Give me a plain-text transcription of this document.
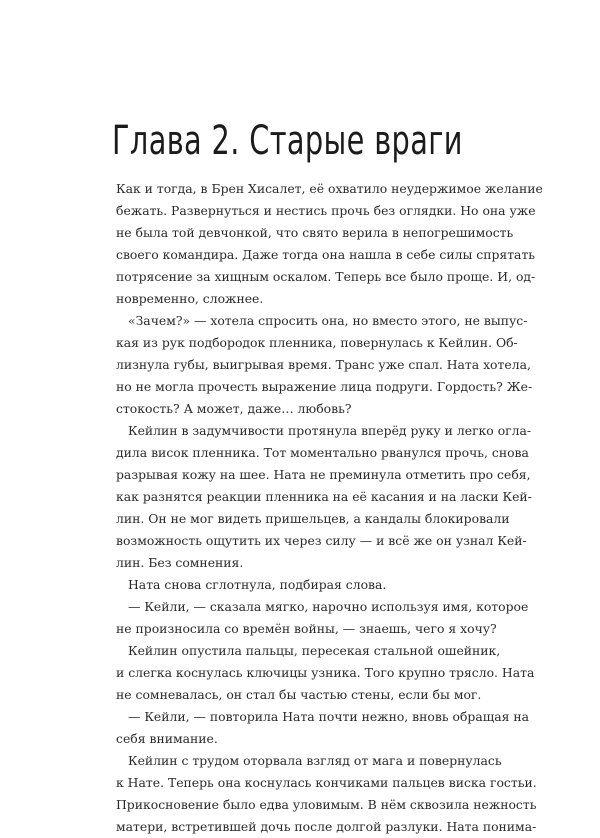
Глава 2. Старые враги
Как и тогда, в Брен Хисалет, её охватило неудержимое желание
бежать. Развернуться и нестись прочь без оглядки. Но она уже
не была той девчонкой, что свято верила в непогрешимость
своего командира. Даже тогда она нашла в себе силы спрятать
потрясение за хищным оскалом. Теперь все было проще. И, од-
новременно, сложнее.
«Зачем?» — хотела спросить она, но вместо этого, не выпус-
кая из рук подбородок пленника, повернулась к Кейлин. Об-
лизнула губы, выигрывая время. Транс уже спал. Ната хотела,
но не могла прочесть выражение лица подруги. Гордость? Же-
стокость? А может, даже… любовь?
Кейлин в задумчивости протянула вперёд руку и легко огла-
дила висок пленника. Тот моментально рванулся прочь, снова
разрывая кожу на шее. Ната не преминула отметить про себя,
как разнятся реакции пленника на её касания и на ласки Кей-
лин. Он не мог видеть пришельцев, а кандалы блокировали
возможность ощутить их через силу — и всё же он узнал Кей-
лин. Без сомнения.
Ната снова сглотнула, подбирая слова.
— Кейли, — сказала мягко, нарочно используя имя, которое
не произносила со времён войны, — знаешь, чего я хочу?
Кейлин опустила пальцы, пересекая стальной ошейник,
и слегка коснулась ключицы узника. Того крупно трясло. Ната
не сомневалась, он стал бы частью стены, если бы мог.
— Кейли, — повторила Ната почти нежно, вновь обращая на
себя внимание.
Кейлин с трудом оторвала взгляд от мага и повернулась
к Нате. Теперь она коснулась кончиками пальцев виска гостьи.
Прикосновение было едва уловимым. В нём сквозила нежность
матери, встретившей дочь после долгой разлуки. Ната понима-
